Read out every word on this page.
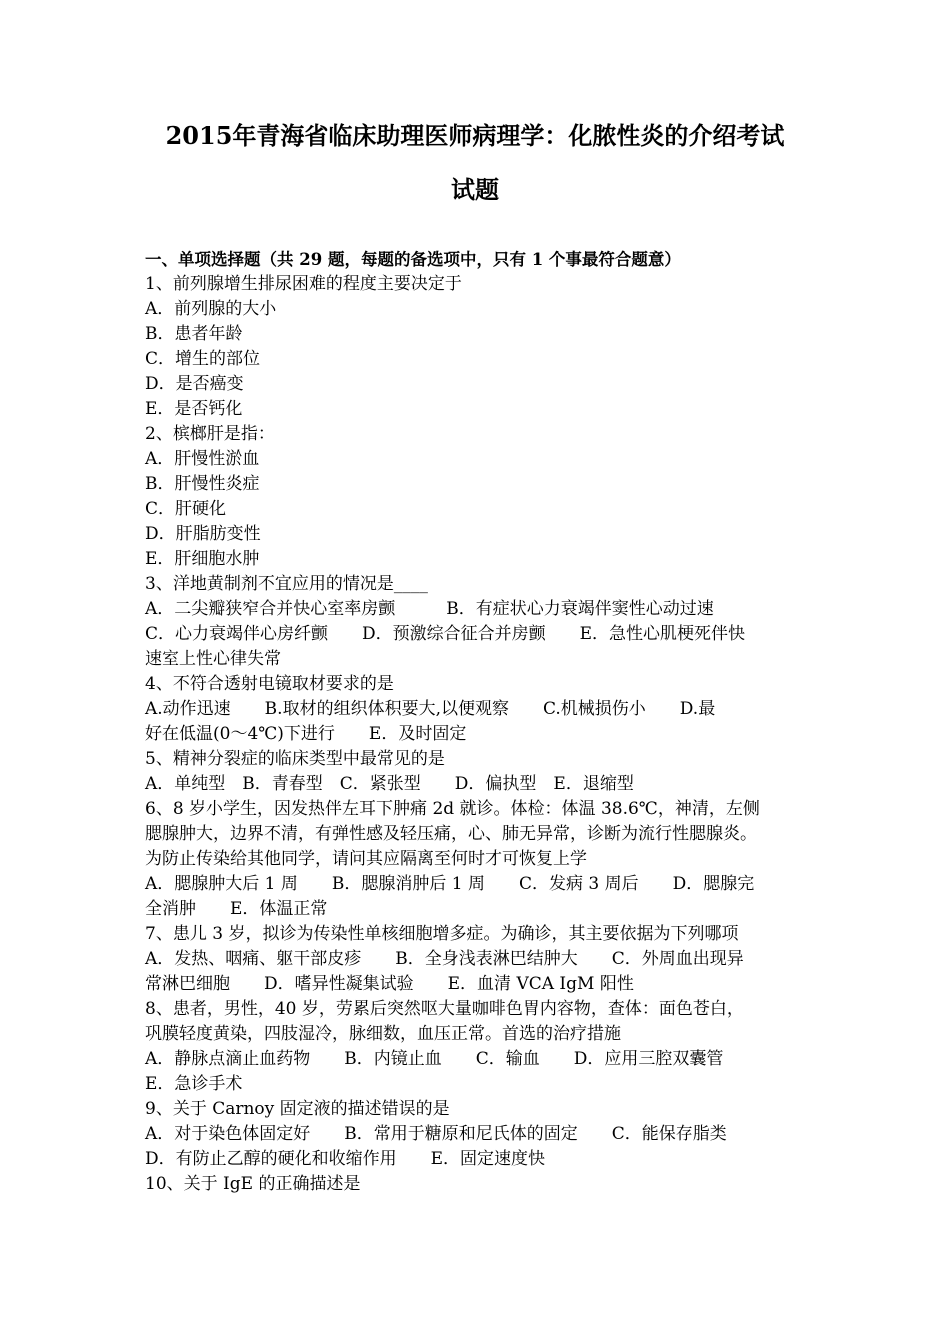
2015年青海省临床助理医师病理学：化脓性炎的介绍考试
试题
一、单项选择题（共 29 题，每题的备选项中，只有 1 个事最符合题意）
1、前列腺增生排尿困难的程度主要决定于
A．前列腺的大小
B．患者年龄
C．增生的部位
D．是否癌变
E．是否钙化
2、槟榔肝是指：
A．肝慢性淤血
B．肝慢性炎症
C．肝硬化
D．肝脂肪变性
E．肝细胞水肿
3、洋地黄制剂不宜应用的情况是____
A．二尖瓣狭窄合并快心室率房颤　　　B．有症状心力衰竭伴窦性心动过速
C．心力衰竭伴心房纤颤　　D．预激综合征合并房颤　　E．急性心肌梗死伴快
速室上性心律失常
4、不符合透射电镜取材要求的是
A.动作迅速　　B.取材的组织体积要大,以便观察　　C.机械损伤小　　D.最
好在低温(0～4℃)下进行　　E．及时固定
5、精神分裂症的临床类型中最常见的是
A．单纯型　B．青春型　C．紧张型　　D．偏执型　E．退缩型
6、8 岁小学生，因发热伴左耳下肿痛 2d 就诊。体检：体温 38.6℃，神清，左侧
腮腺肿大，边界不清，有弹性感及轻压痛，心、肺无异常，诊断为流行性腮腺炎。
为防止传染给其他同学，请问其应隔离至何时才可恢复上学
A．腮腺肿大后 1 周　　B．腮腺消肿后 1 周　　C．发病 3 周后　　D．腮腺完
全消肿　　E．体温正常
7、患儿 3 岁，拟诊为传染性单核细胞增多症。为确诊，其主要依据为下列哪项
A．发热、咽痛、躯干部皮疹　　B．全身浅表淋巴结肿大　　C．外周血出现异
常淋巴细胞　　D．嗜异性凝集试验　　E．血清 VCA IgM 阳性
8、患者，男性，40 岁，劳累后突然呕大量咖啡色胃内容物，查体：面色苍白，
巩膜轻度黄染，四肢湿冷，脉细数，血压正常。首选的治疗措施
A．静脉点滴止血药物　　B．内镜止血　　C．输血　　D．应用三腔双囊管
E．急诊手术
9、关于 Carnoy 固定液的描述错误的是
A．对于染色体固定好　　B．常用于糖原和尼氏体的固定　　C．能保存脂类
D．有防止乙醇的硬化和收缩作用　　E．固定速度快
10、关于 IgE 的正确描述是
